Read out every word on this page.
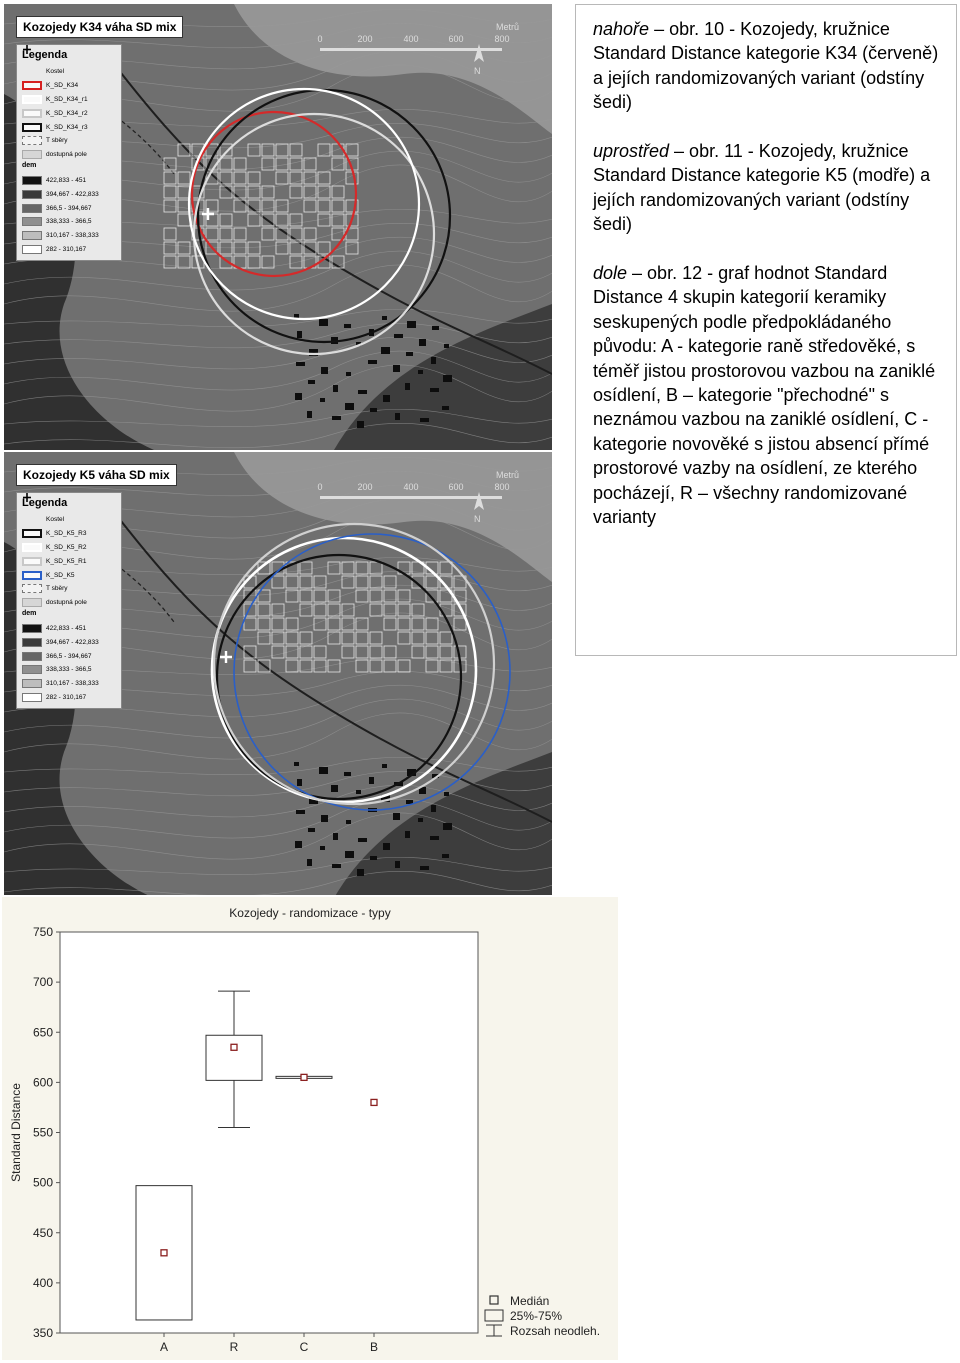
N
Kozojedy K34 váha SD mix	Metrů
0	200	400	600	800
Legenda
Kostel
K_SD_K34
K_SD_K34_r1
K_SD_K34_r2
K_SD_K34_r3
T sběry
dostupná pole
dem
422,833 - 451
394,667 - 422,833
366,5 - 394,667
338,333 - 366,5
310,167 - 338,333
282 - 310,167
N
Kozojedy K5 váha SD mix	Metrů
0	200	400	600	800
Legenda
Kostel
K_SD_K5_R3
K_SD_K5_R2
K_SD_K5_R1
K_SD_K5
T sběry
dostupná pole
dem
422,833 - 451
394,667 - 422,833
366,5 - 394,667
338,333 - 366,5
310,167 - 338,333
282 - 310,167
nahoře – obr. 10 - Kozojedy, kružnice Standard Distance kategorie K34 (červeně) a jejích randomizovaných variant (odstíny šedi)
uprostřed – obr. 11 - Kozojedy, kružnice Standard Distance kategorie K5 (modře) a jejích randomizovaných variant (odstíny šedi)
dole – obr. 12 - graf hodnot Standard Distance 4 skupin kategorií keramiky seskupených podle předpokládaného původu: A - kategorie raně středověké, s téměř jistou prostorovou vazbou na zaniklé osídlení, B – kategorie "přechodné" s neznámou vazbou na zaniklé osídlení, C - kategorie novověké s jistou absencí přímé prostorové vazby na osídlení, ze kterého pocházejí, R – všechny randomizované varianty
Kozojedy - randomizace - typy
350
400
450
500
550
600
650
700
750
Standard Distance
A	R	C	B
Medián
25%-75%
Rozsah neodleh.
